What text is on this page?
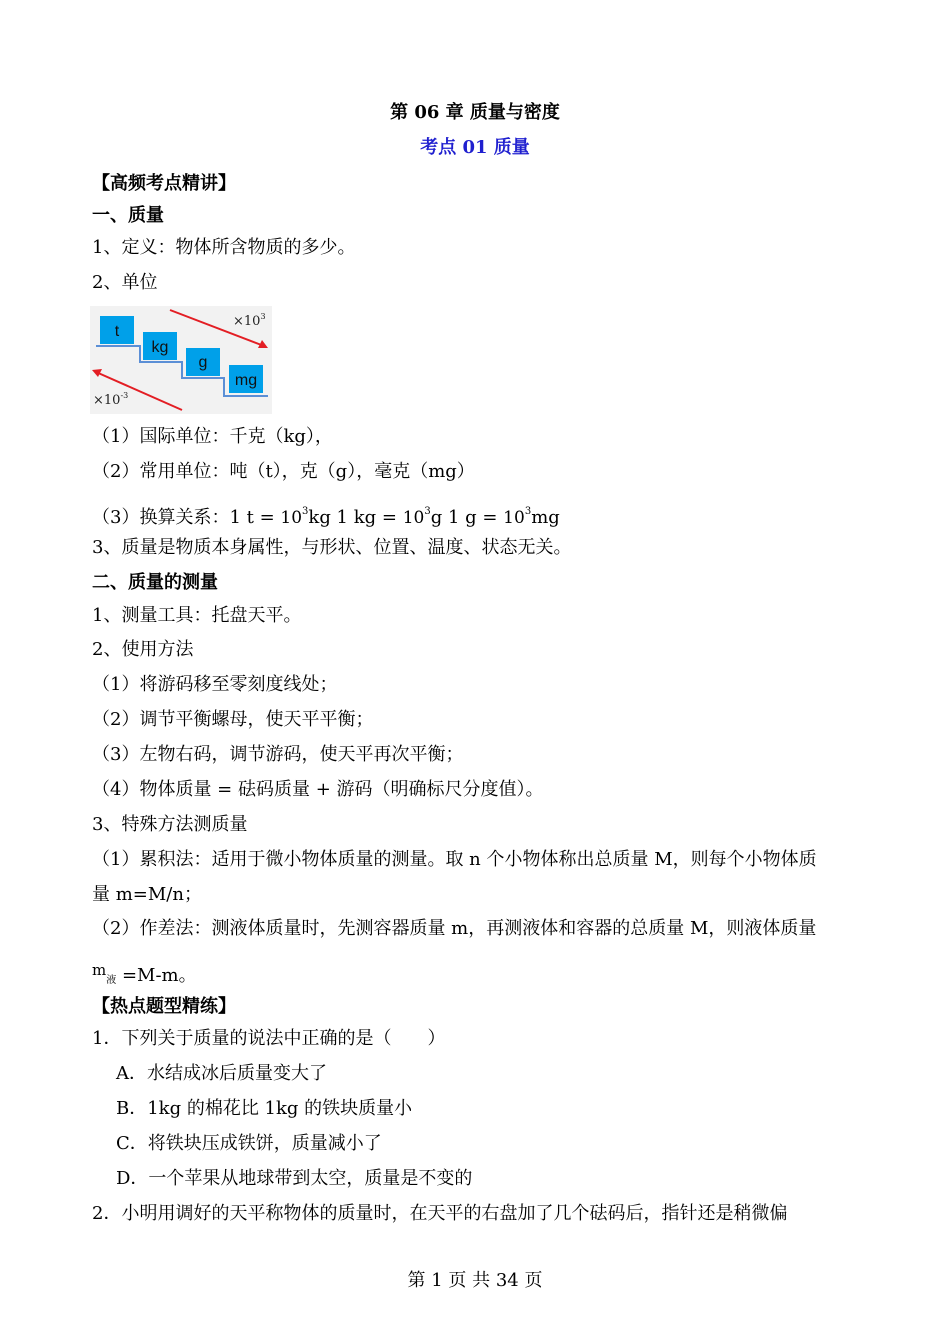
第 06 章 质量与密度
考点 01 质量
【高频考点精讲】
一、质量
1、定义：物体所含物质的多少。
2、单位
t
kg
g
mg
$\times 10^3$
$\times 10^{-3}$
（1）国际单位：千克（kg），
（2）常用单位：吨（t），克（g），毫克（mg）
（3）换算关系：1 $t = 10^3kg$ 1 kg = $10^3g$ 1 $g = 10^3mg$
3、质量是物质本身属性，与形状、位置、温度、状态无关。
二、质量的测量
1、测量工具：托盘天平。
2、使用方法
（1）将游码移至零刻度线处；
（2）调节平衡螺母，使天平平衡；
（3）左物右码，调节游码，使天平再次平衡；
（4）物体质量 = 砝码质量 + 游码（明确标尺分度值）。
3、特殊方法测质量
（1）累积法：适用于微小物体质量的测量。取 n 个小物体称出总质量 M，则每个小物体质
量 m=M/n；
（2）作差法：测液体质量时，先测容器质量 m，再测液体和容器的总质量 M，则液体质量
$^m$液 =M-m。
【热点题型精练】
1．下列关于质量的说法中正确的是（　　）
A．水结成冰后质量变大了
B．1kg 的棉花比 1kg 的铁块质量小
C．将铁块压成铁饼，质量减小了
D．一个苹果从地球带到太空，质量是不变的
2．小明用调好的天平称物体的质量时，在天平的右盘加了几个砝码后，指针还是稍微偏
第 1 页 共 34 页
